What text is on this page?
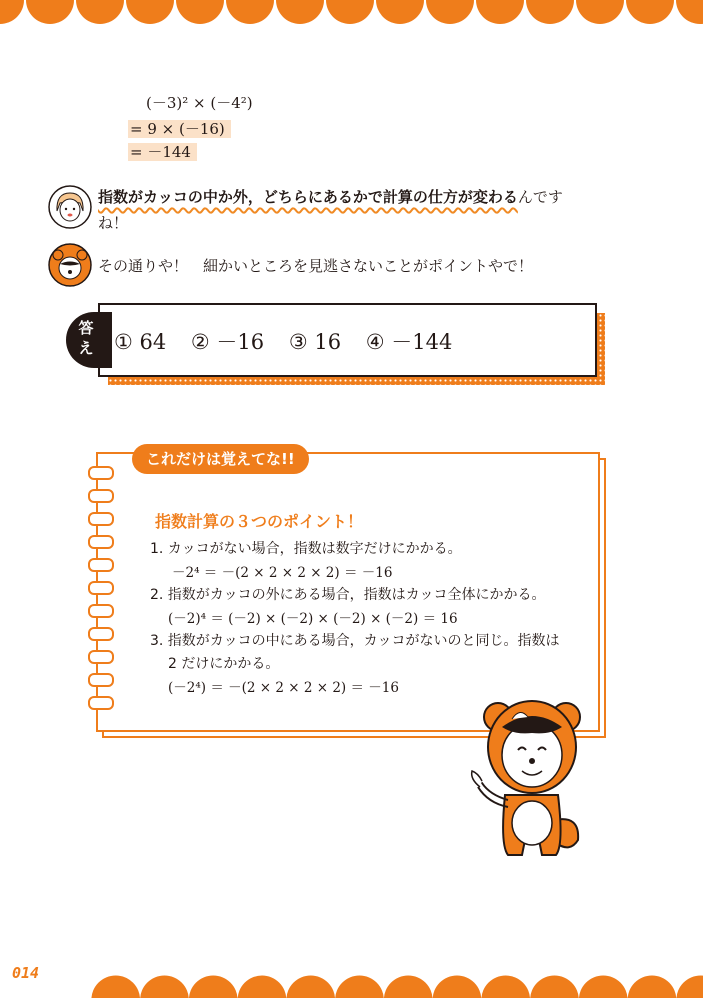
(－3)² × (－4²)
= 9 × (－16)
= －144
指数がカッコの中か外，どちらにあるかで計算の仕方が変わるんです
ね！
その通りや！　細かいところを見逃さないことがポイントやで！
答え ① 64 ② －16 ③ 16 ④ －144
これだけは覚えてな!!
指数計算の３つのポイント！
1. カッコがない場合，指数は数字だけにかかる。
－2⁴ ＝ －(2 × 2 × 2 × 2) ＝ －16
2. 指数がカッコの外にある場合，指数はカッコ全体にかかる。
(－2)⁴ ＝ (－2) × (－2) × (－2) × (－2) ＝ 16
3. 指数がカッコの中にある場合，カッコがないのと同じ。指数は
2 だけにかかる。
(－2⁴) ＝ －(2 × 2 × 2 × 2) ＝ －16
014
